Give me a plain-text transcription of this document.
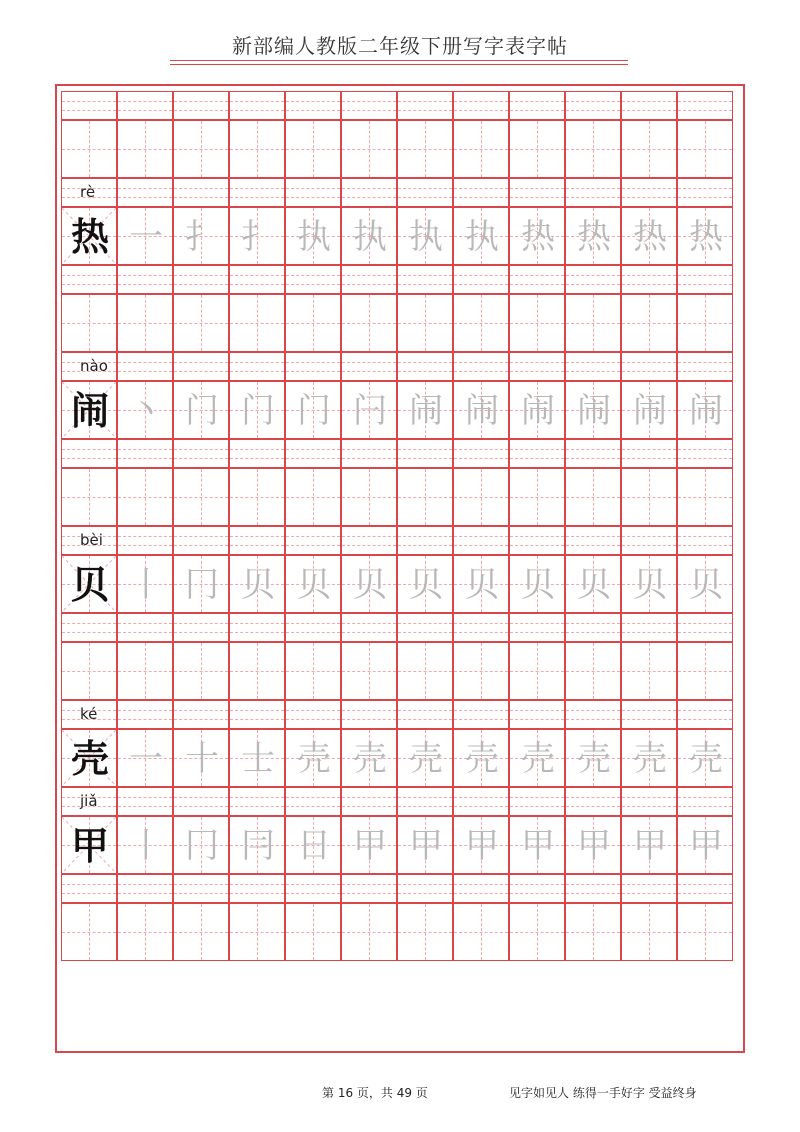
新部编人教版二年级下册写字表字帖
rè
热 一 扌 扌 执 执 执 执 热 热 热 热
nào
闹 丶 门 门 门 闩 闹 闹 闹 闹 闹 闹
bèi
贝 丨 冂 贝 贝 贝 贝 贝 贝 贝 贝 贝
ké
壳 一 十 士 壳 壳 壳 壳 壳 壳 壳 壳
jiǎ
甲 丨 冂 冃 日 甲 甲 甲 甲 甲 甲 甲
第 16 页，共 49 页	见字如见人 练得一手好字 受益终身
